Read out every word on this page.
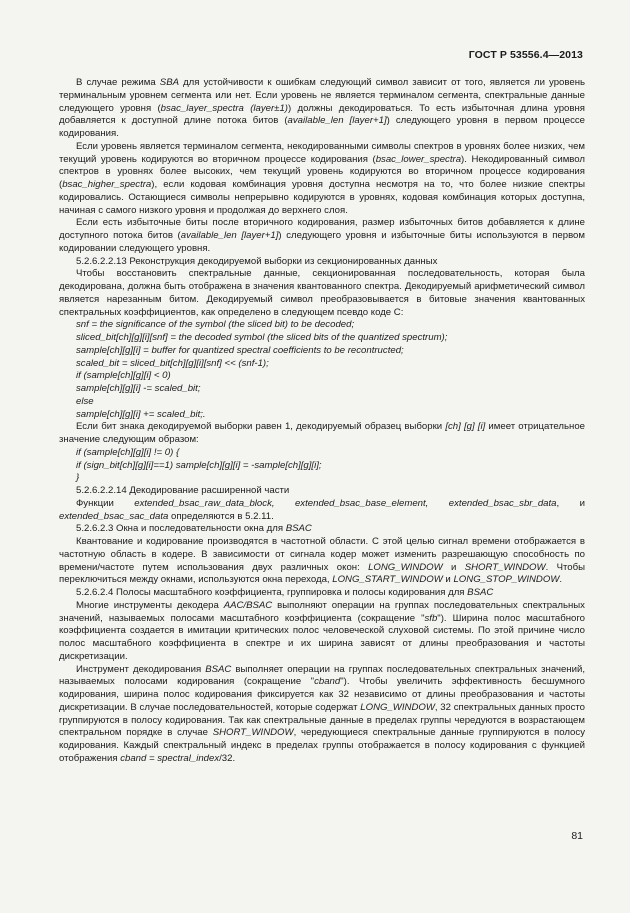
ГОСТ Р 53556.4—2013

В случае режима SBA для устойчивости к ошибкам следующий символ зависит от того, является ли уровень терминальным уровнем сегмента или нет. Если уровень не является терминалом сегмента, спектральные данные следующего уровня (bsac_layer_spectra (layer±1)) должны декодироваться. То есть избыточная длина уровня добавляется к доступной длине потока битов (available_len [layer+1]) следующего уровня в первом процессе кодирования.

Если уровень является терминалом сегмента, некодированными символы спектров в уровнях более низких, чем текущий уровень кодируются во вторичном процессе кодирования (bsac_lower_spectra). Некодированный символ спектров в уровнях более высоких, чем текущий уровень кодируются во вторичном процессе кодирования (bsac_higher_spectra), если кодовая комбинация уровня доступна несмотря на то, что более низкие спектры кодировались. Остающиеся символы непрерывно кодируются в уровнях, кодовая комбинация которых доступна, начиная с самого низкого уровня и продолжая до верхнего слоя.

Если есть избыточные биты после вторичного кодирования, размер избыточных битов добавляется к длине доступного потока битов (available_len [layer+1]) следующего уровня и избыточные биты используются в первом кодировании следующего уровня.

5.2.6.2.2.13 Реконструкция декодируемой выборки из секционированных данных

Чтобы восстановить спектральные данные, секционированная последовательность, которая была декодирована, должна быть отображена в значения квантованного спектра. Декодируемый арифметический символ является нарезанным битом. Декодируемый символ преобразовывается в битовые значения квантованных спектральных коэффициентов, как определено в следующем псевдо коде С:

snf = the significance of the symbol (the sliced bit) to be decoded;
sliced_bit[ch][g][i][snf] = the decoded symbol (the sliced bits of the quantized spectrum);
sample[ch][g][i] = buffer for quantized spectral coefficients to be recontructed;
scaled_bit = sliced_bit[ch][g][i][snf] << (snf-1);
if (sample[ch][g][i] < 0)
sample[ch][g][i] -= scaled_bit;
else
sample[ch][g][i] += scaled_bit;.

Если бит знака декодируемой выборки равен 1, декодируемый образец выборки [ch] [g] [i] имеет отрицательное значение следующим образом:

if (sample[ch][g][i] != 0) {
if (sign_bit[ch][g][i]==1) sample[ch][g][i] = -sample[ch][g][i];
}

5.2.6.2.2.14 Декодирование расширенной части

Функции extended_bsac_raw_data_block, extended_bsac_base_element, extended_bsac_sbr_data, и extended_bsac_sac_data определяются в 5.2.11.

5.2.6.2.3 Окна и последовательности окна для BSAC

Квантование и кодирование производятся в частотной области. С этой целью сигнал времени отображается в частотную область в кодере. В зависимости от сигнала кодер может изменить разрешающую способность по времени/частоте путем использования двух различных окон: LONG_WINDOW и SHORT_WINDOW. Чтобы переключиться между окнами, используются окна перехода, LONG_START_WINDOW и LONG_STOP_WINDOW.

5.2.6.2.4 Полосы масштабного коэффициента, группировка и полосы кодирования для BSAC

Многие инструменты декодера AAC/BSAC выполняют операции на группах последовательных спектральных значений, называемых полосами масштабного коэффициента (сокращение "sfb"). Ширина полос масштабного коэффициента создается в имитации критических полос человеческой слуховой системы. По этой причине число полос масштабного коэффициента в спектре и их ширина зависят от длины преобразования и частоты дискретизации.

Инструмент декодирования BSAC выполняет операции на группах последовательных спектральных значений, называемых полосами кодирования (сокращение "cband"). Чтобы увеличить эффективность бесшумного кодирования, ширина полос кодирования фиксируется как 32 независимо от длины преобразования и частоты дискретизации. В случае последовательностей, которые содержат LONG_WINDOW, 32 спектральных данных просто группируются в полосу кодирования. Так как спектральные данные в пределах группы чередуются в возрастающем спектральном порядке в случае SHORT_WINDOW, чередующиеся спектральные данные группируются в полосу кодирования. Каждый спектральный индекс в пределах группы отображается в полосу кодирования с функцией отображения cband = spectral_index/32.

81
